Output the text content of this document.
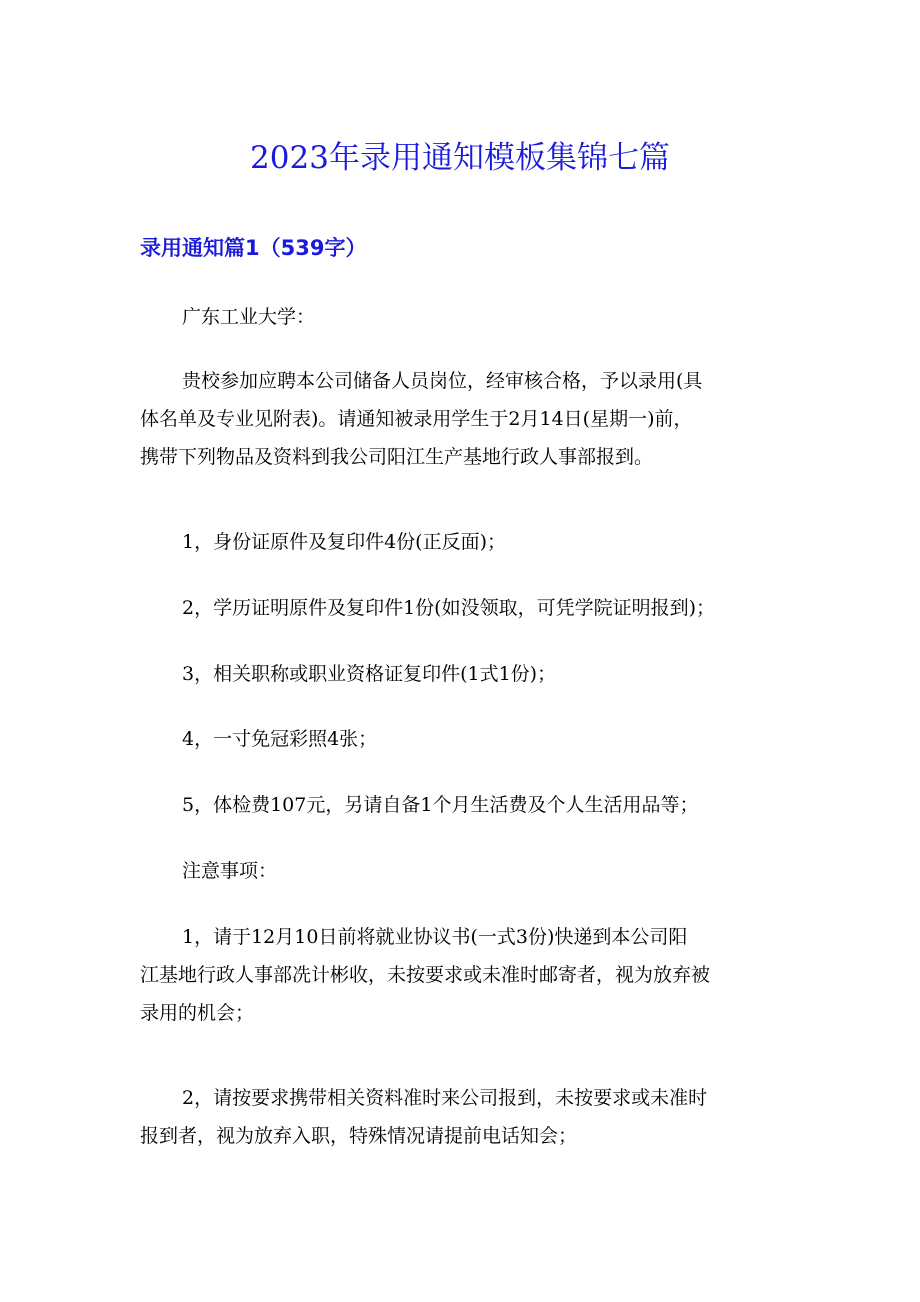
2023年录用通知模板集锦七篇
录用通知篇1（539字）

广东工业大学：

贵校参加应聘本公司储备人员岗位，经审核合格，予以录用(具
体名单及专业见附表)。请通知被录用学生于2月14日(星期一)前，
携带下列物品及资料到我公司阳江生产基地行政人事部报到。

1，身份证原件及复印件4份(正反面)；

2，学历证明原件及复印件1份(如没领取，可凭学院证明报到)；

3，相关职称或职业资格证复印件(1式1份)；

4，一寸免冠彩照4张；

5，体检费107元，另请自备1个月生活费及个人生活用品等；

注意事项：

1，请于12月10日前将就业协议书(一式3份)快递到本公司阳
江基地行政人事部冼计彬收，未按要求或未准时邮寄者，视为放弃被
录用的机会；

2，请按要求携带相关资料准时来公司报到，未按要求或未准时
报到者，视为放弃入职，特殊情况请提前电话知会；
